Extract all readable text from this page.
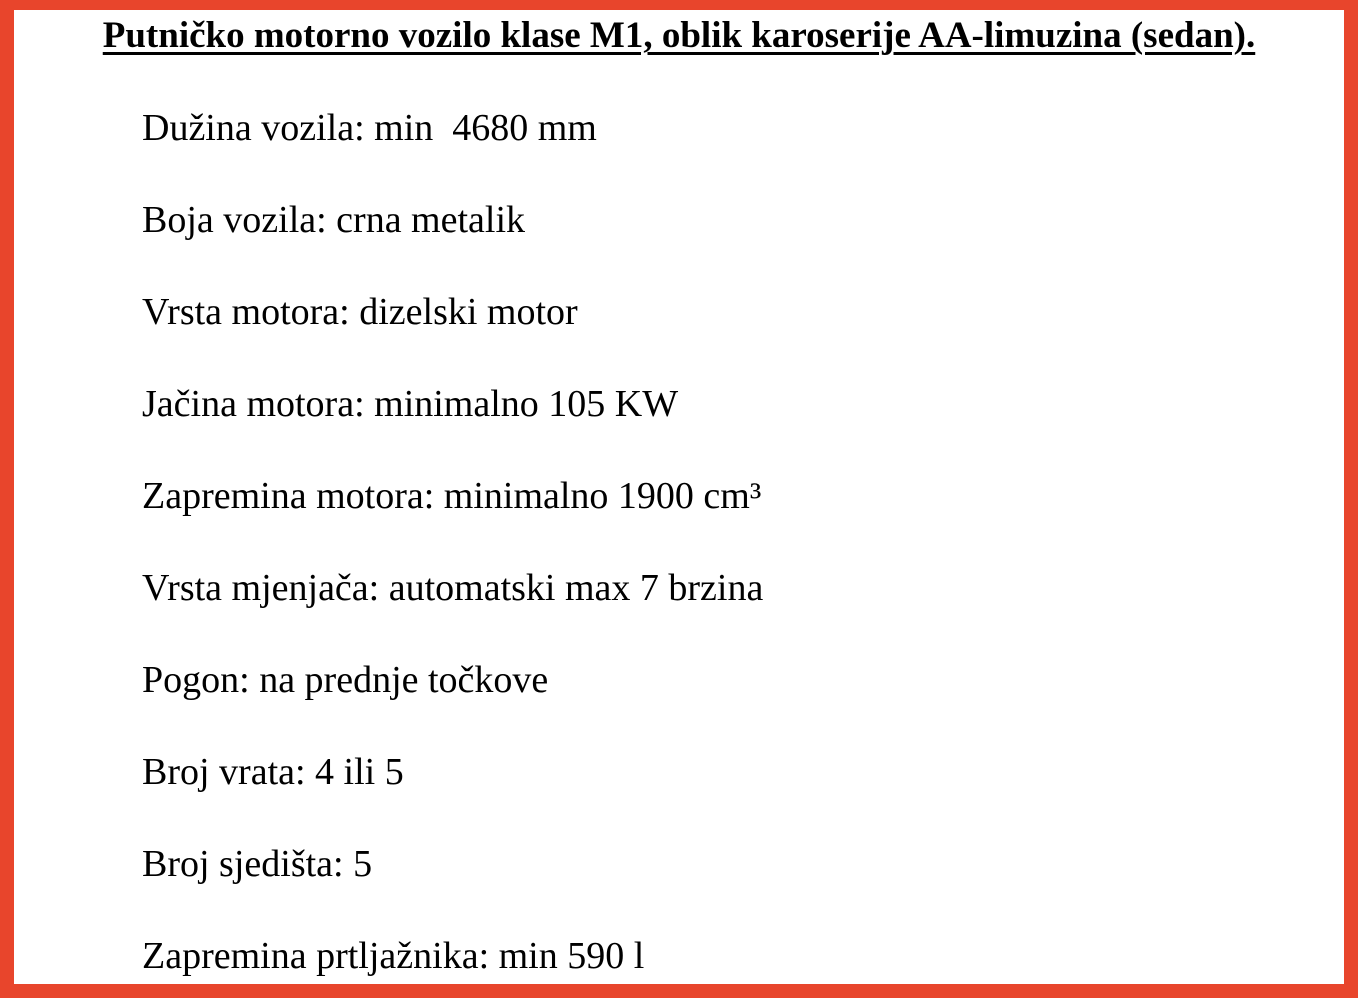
Putničko motorno vozilo klase M1, oblik karoserije AA-limuzina (sedan).
Dužina vozila: min  4680 mm
Boja vozila: crna metalik
Vrsta motora: dizelski motor
Jačina motora: minimalno 105 KW
Zapremina motora: minimalno 1900 cm³
Vrsta mjenjača: automatski max 7 brzina
Pogon: na prednje točkove
Broj vrata: 4 ili 5
Broj sjedišta: 5
Zapremina prtljažnika: min 590 l
